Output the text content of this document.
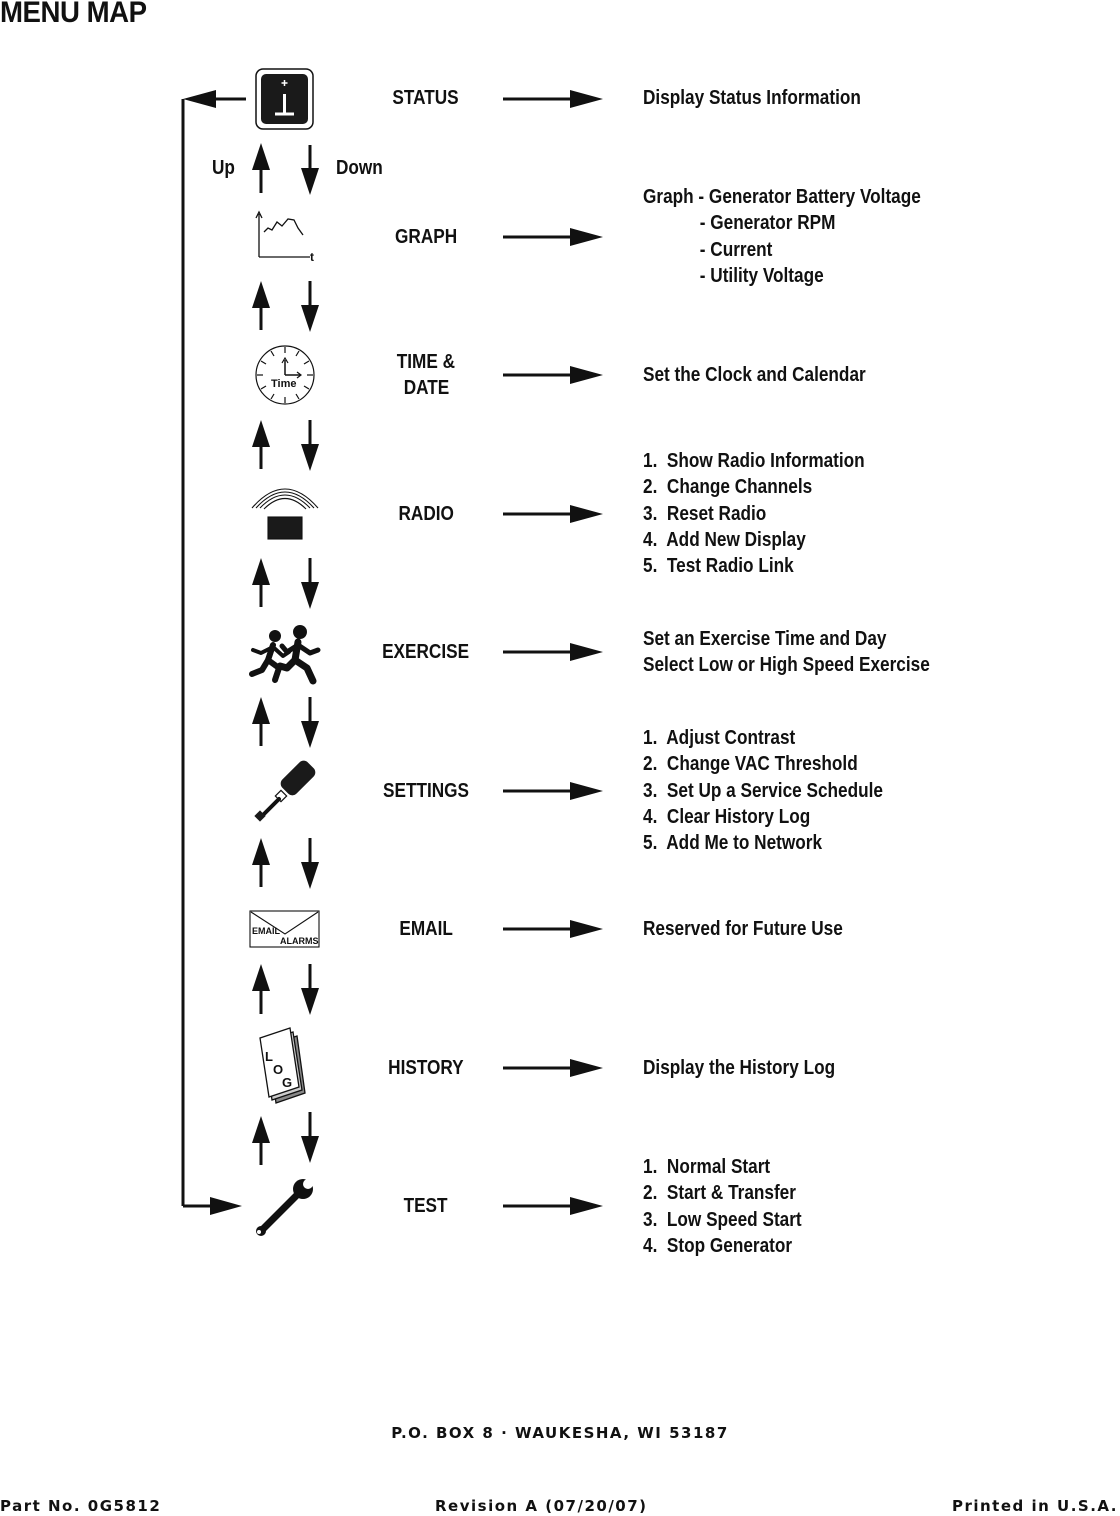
MENU MAP
t
Time
EMAIL
ALARMS
L
O
G
Up	Down
STATUS
GRAPH
TIME &
DATE
RADIO
EXERCISE
SETTINGS
EMAIL
HISTORY
TEST
Display Status Information
Graph - Generator Battery Voltage
- Generator RPM
- Current
- Utility Voltage
Set the Clock and Calendar
1.  Show Radio Information
2.  Change Channels
3.  Reset Radio
4.  Add New Display
5.  Test Radio Link
Set an Exercise Time and Day
Select Low or High Speed Exercise
1.  Adjust Contrast
2.  Change VAC Threshold
3.  Set Up a Service Schedule
4.  Clear History Log
5.  Add Me to Network
Reserved for Future Use
Display the History Log
1.  Normal Start
2.  Start & Transfer
3.  Low Speed Start
4.  Stop Generator
P.O. BOX 8 · WAUKESHA, WI 53187
Part No. 0G5812	Revision A (07/20/07)	Printed in U.S.A.
